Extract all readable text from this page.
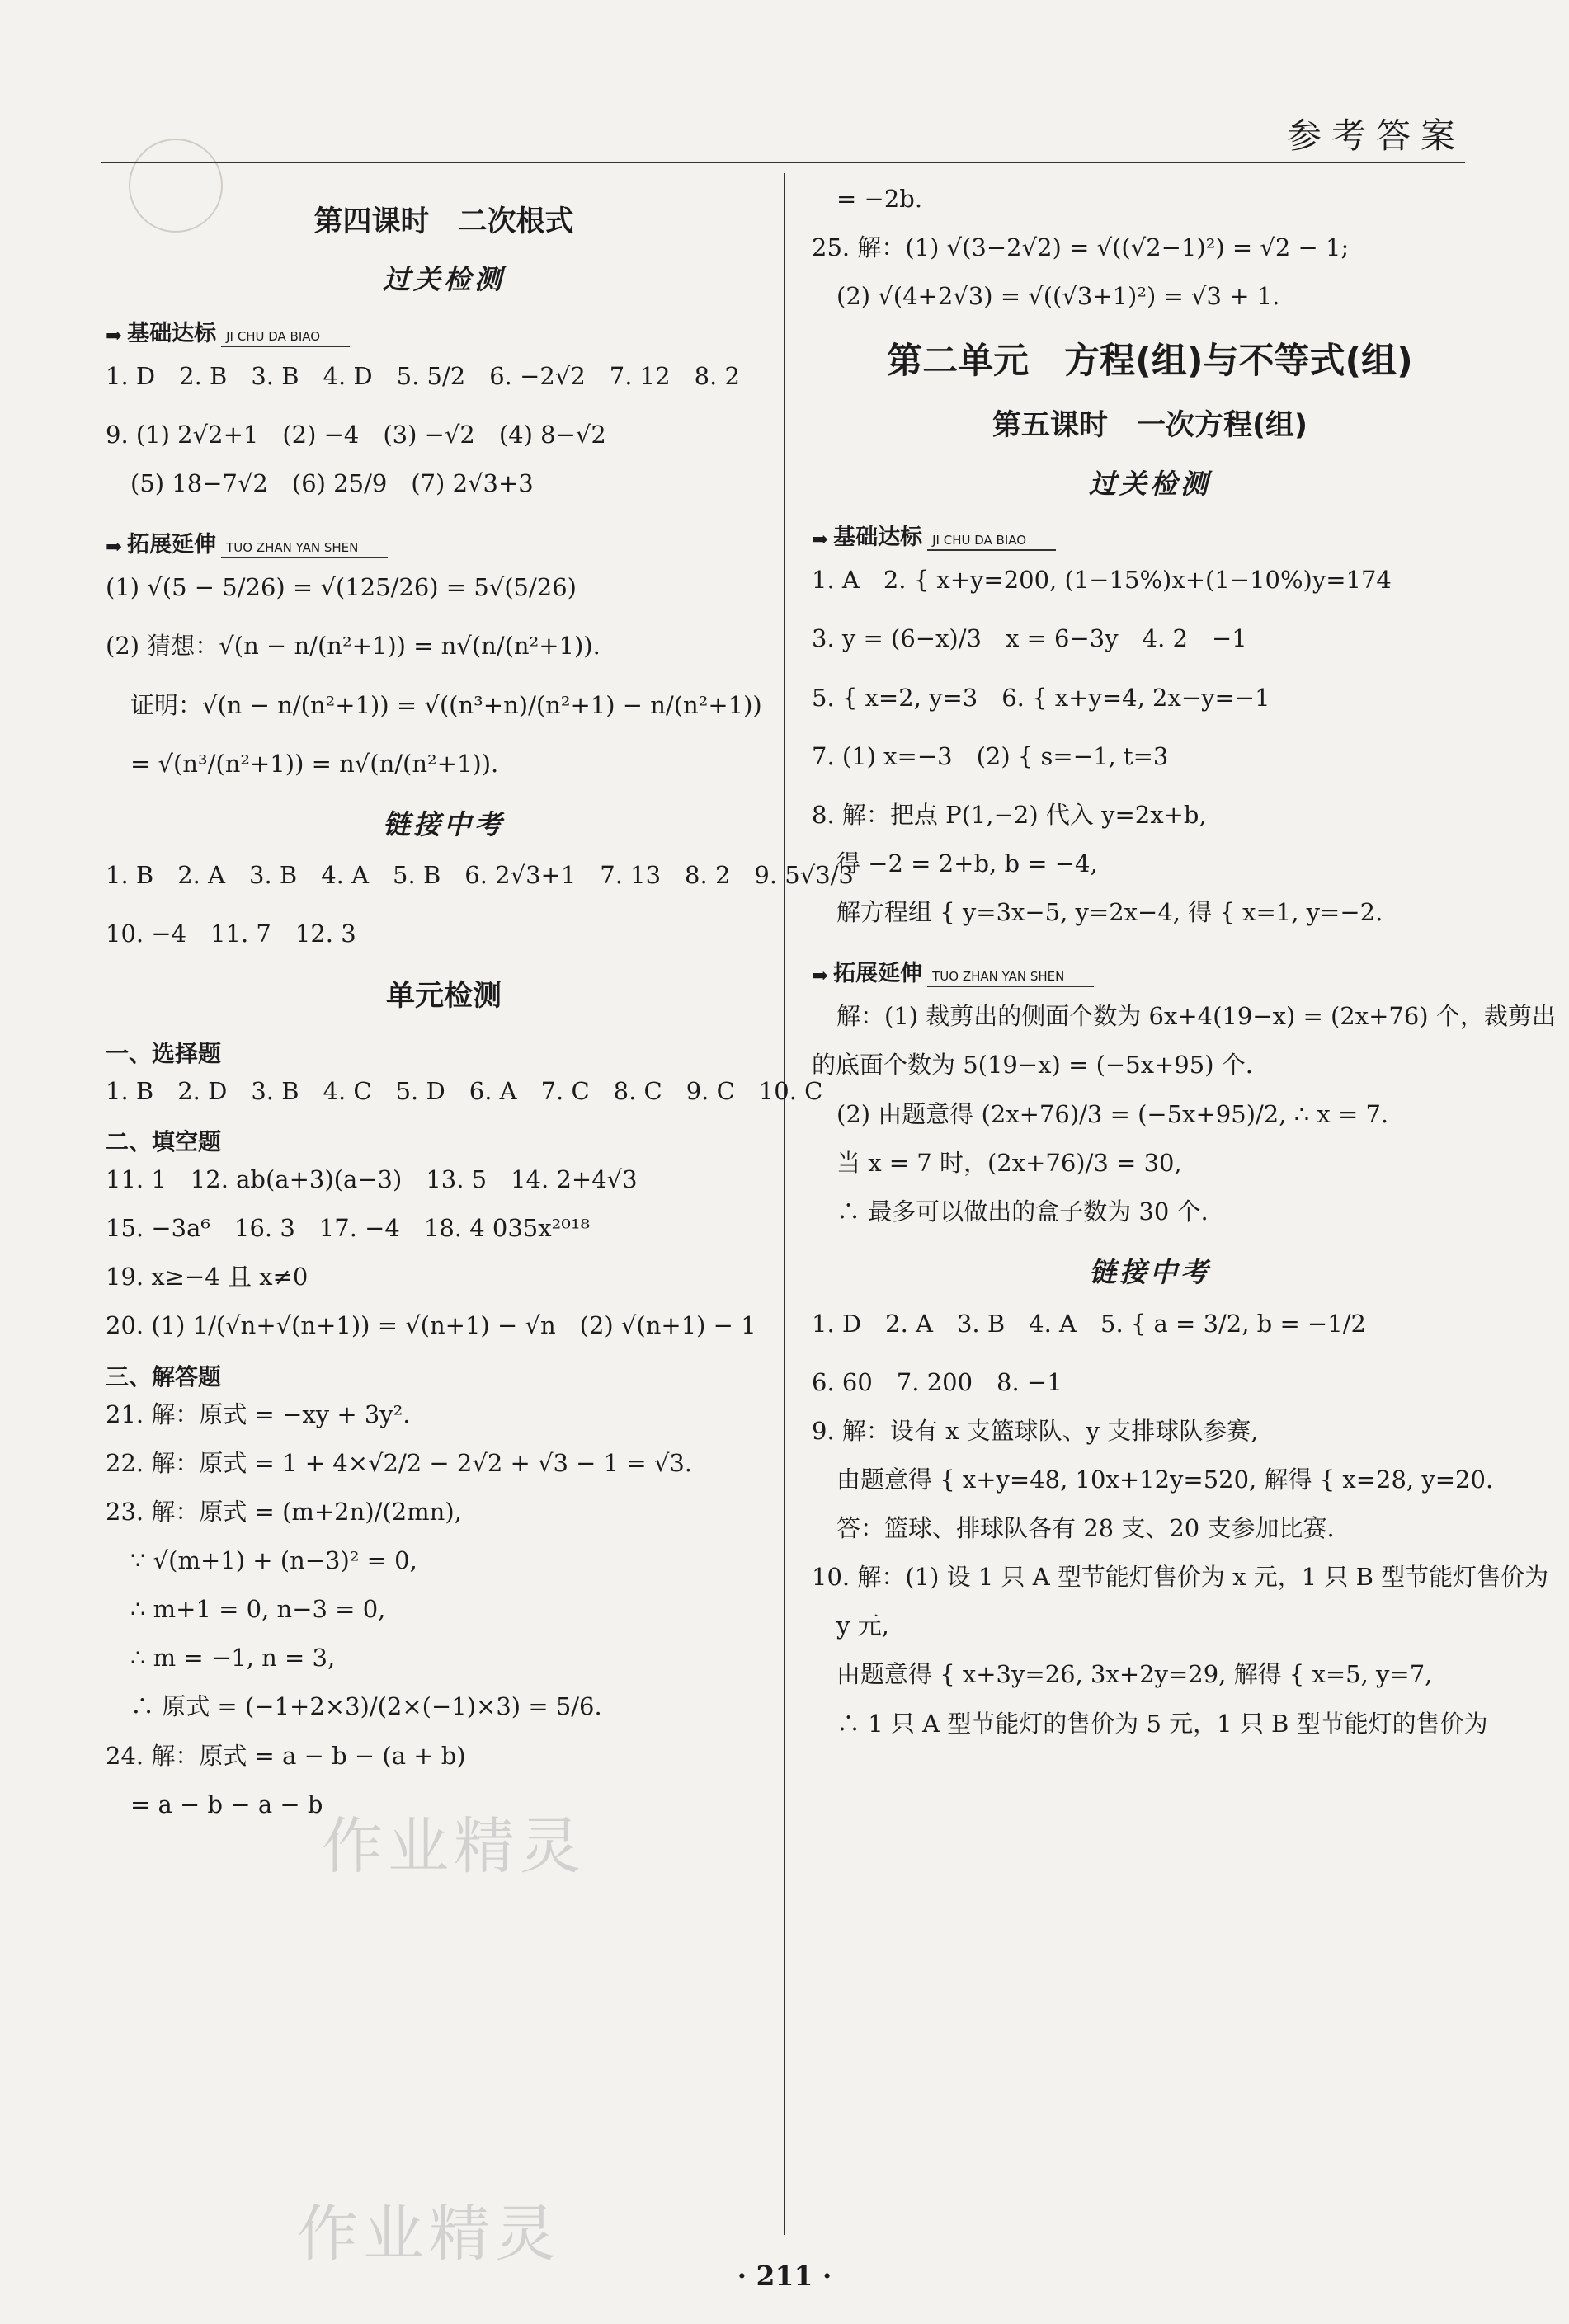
参考答案
第四课时　二次根式
过关检测
➡ 基础达标 JI CHU DA BIAO
1. D　2. B　3. B　4. D　5. 5/2　6. −2√2　7. 12　8. 2
9. (1) 2√2+1　(2) −4　(3) −√2　(4) 8−√2
(5) 18−7√2　(6) 25/9　(7) 2√3+3
➡ 拓展延伸 TUO ZHAN YAN SHEN
(1) √(5 − 5/26) = √(125/26) = 5√(5/26)
(2) 猜想：√(n − n/(n²+1)) = n√(n/(n²+1)).
证明：√(n − n/(n²+1)) = √((n³+n)/(n²+1) − n/(n²+1))
= √(n³/(n²+1)) = n√(n/(n²+1)).
链接中考
1. B　2. A　3. B　4. A　5. B　6. 2√3+1　7. 13　8. 2　9. 5√3/3
10. −4　11. 7　12. 3
单元检测
一、选择题
1. B　2. D　3. B　4. C　5. D　6. A　7. C　8. C　9. C　10. C
二、填空题
11. 1　12. ab(a+3)(a−3)　13. 5　14. 2+4√3
15. −3a⁶　16. 3　17. −4　18. 4 035x²⁰¹⁸
19. x≥−4 且 x≠0
20. (1) 1/(√n+√(n+1)) = √(n+1) − √n　(2) √(n+1) − 1
三、解答题
21. 解：原式 = −xy + 3y².
22. 解：原式 = 1 + 4×√2/2 − 2√2 + √3 − 1 = √3.
23. 解：原式 = (m+2n)/(2mn),
∵ √(m+1) + (n−3)² = 0,
∴ m+1 = 0, n−3 = 0,
∴ m = −1, n = 3,
∴ 原式 = (−1+2×3)/(2×(−1)×3) = 5/6.
24. 解：原式 = a − b − (a + b)
= a − b − a − b
= −2b.
25. 解：(1) √(3−2√2) = √((√2−1)²) = √2 − 1;
(2) √(4+2√3) = √((√3+1)²) = √3 + 1.
第二单元　方程(组)与不等式(组)
第五课时　一次方程(组)
过关检测
➡ 基础达标 JI CHU DA BIAO
1. A　2. { x+y=200, (1−15%)x+(1−10%)y=174
3. y = (6−x)/3　x = 6−3y　4. 2　−1
5. { x=2, y=3　6. { x+y=4, 2x−y=−1
7. (1) x=−3　(2) { s=−1, t=3
8. 解：把点 P(1,−2) 代入 y=2x+b,
得 −2 = 2+b, b = −4,
解方程组 { y=3x−5, y=2x−4, 得 { x=1, y=−2.
➡ 拓展延伸 TUO ZHAN YAN SHEN
解：(1) 裁剪出的侧面个数为 6x+4(19−x) = (2x+76) 个，裁剪出
的底面个数为 5(19−x) = (−5x+95) 个.
(2) 由题意得 (2x+76)/3 = (−5x+95)/2, ∴ x = 7.
当 x = 7 时，(2x+76)/3 = 30,
∴ 最多可以做出的盒子数为 30 个.
链接中考
1. D　2. A　3. B　4. A　5. { a = 3/2, b = −1/2
6. 60　7. 200　8. −1
9. 解：设有 x 支篮球队、y 支排球队参赛,
由题意得 { x+y=48, 10x+12y=520, 解得 { x=28, y=20.
答：篮球、排球队各有 28 支、20 支参加比赛.
10. 解：(1) 设 1 只 A 型节能灯售价为 x 元，1 只 B 型节能灯售价为
y 元,
由题意得 { x+3y=26, 3x+2y=29, 解得 { x=5, y=7,
∴ 1 只 A 型节能灯的售价为 5 元，1 只 B 型节能灯的售价为
作业精灵
作业精灵
· 211 ·
